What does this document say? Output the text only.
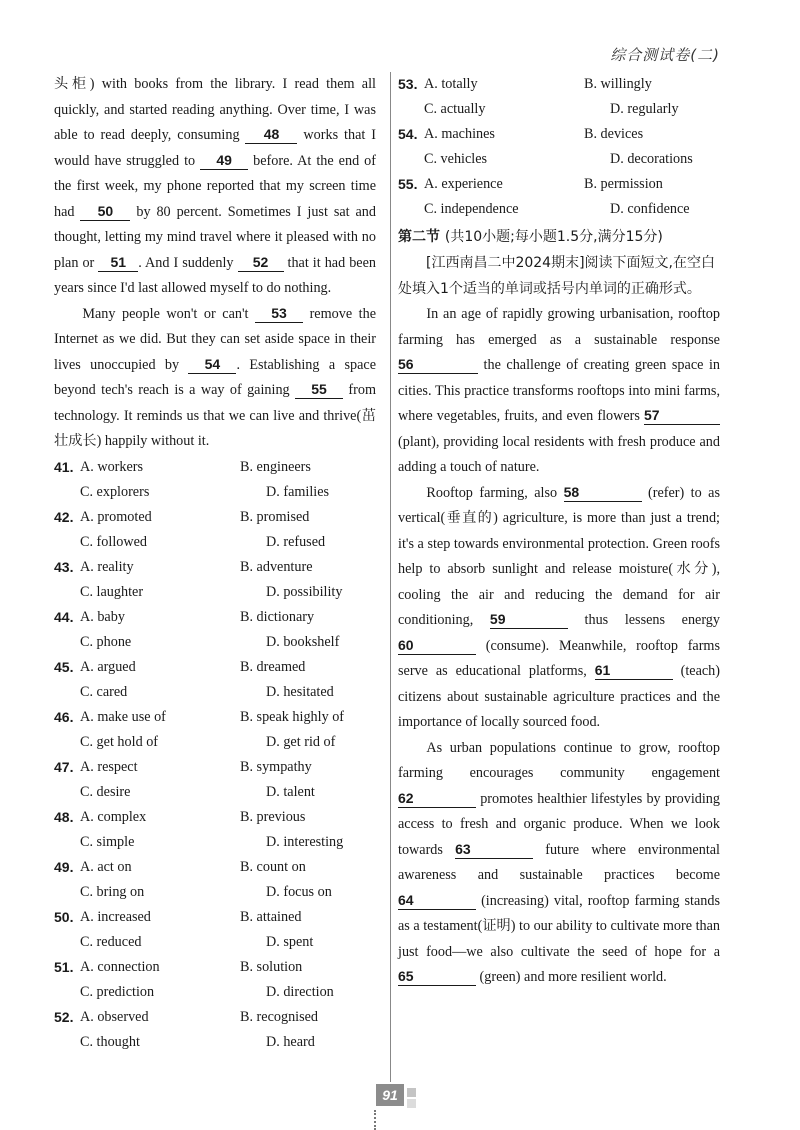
综合测试卷(二)

头柜) with books from the library. I read them all quickly, and started reading anything. Over time, I was able to read deeply, consuming 48 works that I would have struggled to 49 before. At the end of the first week, my phone reported that my screen time had 50 by 80 percent. Sometimes I just sat and thought, letting my mind travel where it pleased with no plan or 51 . And I suddenly 52 that it had been years since I'd last allowed myself to do nothing.

Many people won't or can't 53 remove the Internet as we did. But they can set aside space in their lives unoccupied by 54 . Establishing a space beyond tech's reach is a way of gaining 55 from technology. It reminds us that we can live and thrive(茁壮成长) happily without it.

41. A. workers	B. engineers
C. explorers	D. families
42. A. promoted	B. promised
C. followed	D. refused
43. A. reality	B. adventure
C. laughter	D. possibility
44. A. baby	B. dictionary
C. phone	D. bookshelf
45. A. argued	B. dreamed
C. cared	D. hesitated
46. A. make use of	B. speak highly of
C. get hold of	D. get rid of
47. A. respect	B. sympathy
C. desire	D. talent
48. A. complex	B. previous
C. simple	D. interesting
49. A. act on	B. count on
C. bring on	D. focus on
50. A. increased	B. attained
C. reduced	D. spent
51. A. connection	B. solution
C. prediction	D. direction
52. A. observed	B. recognised
C. thought	D. heard
53. A. totally	B. willingly
C. actually	D. regularly
54. A. machines	B. devices
C. vehicles	D. decorations
55. A. experience	B. permission
C. independence	D. confidence
第二节 (共10小题;每小题1.5分,满分15分)

[江西南昌二中2024期末]阅读下面短文,在空白处填入1个适当的单词或括号内单词的正确形式。

In an age of rapidly growing urbanisation, rooftop farming has emerged as a sustainable response 56	the challenge of creating green space in cities. This practice transforms rooftops into mini farms, where vegetables, fruits, and even flowers 57 (plant), providing local residents with fresh produce and adding a touch of nature.

Rooftop farming, also 58	(refer) to as vertical(垂直的) agriculture, is more than just a trend; it's a step towards environmental protection. Green roofs help to absorb sunlight and release moisture(水分), cooling the air and reducing the demand for air conditioning, 59	thus lessens energy 60	(consume). Meanwhile, rooftop farms serve as educational platforms, 61	(teach) citizens about sustainable agriculture practices and the importance of locally sourced food.

As urban populations continue to grow, rooftop farming encourages community engagement 62	promotes healthier lifestyles by providing access to fresh and organic produce. When we look towards 63	future where environmental awareness and sustainable practices become 64	(increasing) vital, rooftop farming stands as a testament(证明) to our ability to cultivate more than just food—we also cultivate the seed of hope for a 65	(green) and more resilient world.

91
